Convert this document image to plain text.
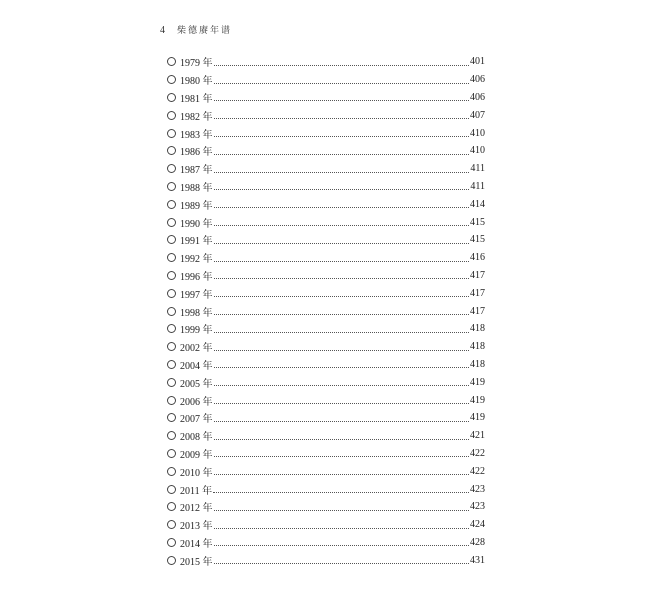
4 柴德赓年谱
1979 年	401
1980 年	406
1981 年	406
1982 年	407
1983 年	410
1986 年	410
1987 年	411
1988 年	411
1989 年	414
1990 年	415
1991 年	415
1992 年	416
1996 年	417
1997 年	417
1998 年	417
1999 年	418
2002 年	418
2004 年	418
2005 年	419
2006 年	419
2007 年	419
2008 年	421
2009 年	422
2010 年	422
2011 年	423
2012 年	423
2013 年	424
2014 年	428
2015 年	431
